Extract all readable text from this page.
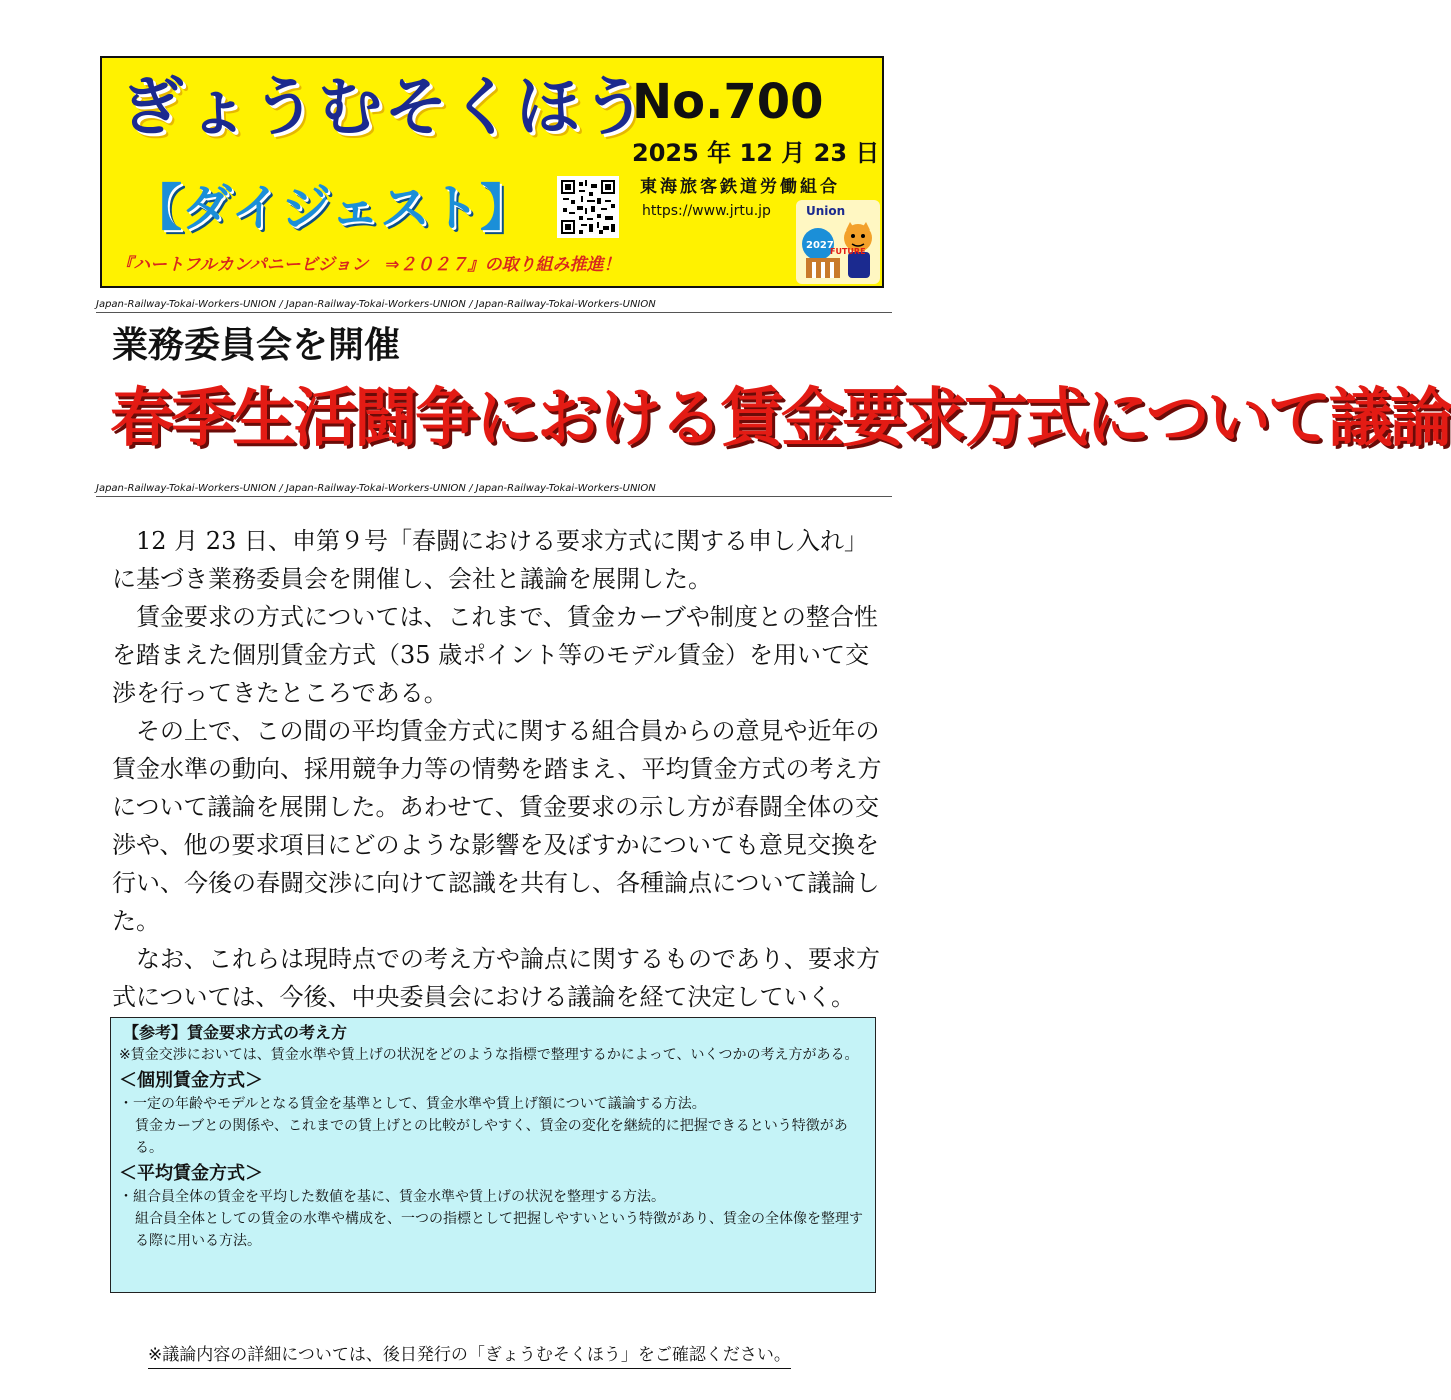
ぎょうむそくほう
【ダイジェスト】
No.700
2025 年 12 月 23 日
東海旅客鉄道労働組合
https://www.jrtu.jp	Union
2027
FUTURE
『ハートフルカンパニービジョン　⇒２０２７』の取り組み推進！
Japan-Railway-Tokai-Workers-UNION / Japan-Railway-Tokai-Workers-UNION / Japan-Railway-Tokai-Workers-UNION
業務委員会を開催
春季生活闘争における賃金要求方式について議論
Japan-Railway-Tokai-Workers-UNION / Japan-Railway-Tokai-Workers-UNION / Japan-Railway-Tokai-Workers-UNION

12 月 23 日、申第９号「春闘における要求方式に関する申し入れ」に基づき業務委員会を開催し、会社と議論を展開した。

賃金要求の方式については、これまで、賃金カーブや制度との整合性を踏まえた個別賃金方式（35 歳ポイント等のモデル賃金）を用いて交渉を行ってきたところである。

その上で、この間の平均賃金方式に関する組合員からの意見や近年の賃金水準の動向、採用競争力等の情勢を踏まえ、平均賃金方式の考え方について議論を展開した。あわせて、賃金要求の示し方が春闘全体の交渉や、他の要求項目にどのような影響を及ぼすかについても意見交換を行い、今後の春闘交渉に向けて認識を共有し、各種論点について議論した。

なお、これらは現時点での考え方や論点に関するものであり、要求方式については、今後、中央委員会における議論を経て決定していく。

【参考】賃金要求方式の考え方

※賃金交渉においては、賃金水準や賃上げの状況をどのような指標で整理するかによって、いくつかの考え方がある。

＜個別賃金方式＞
・一定の年齢やモデルとなる賃金を基準として、賃金水準や賃上げ額について議論する方法。
賃金カーブとの関係や、これまでの賃上げとの比較がしやすく、賃金の変化を継続的に把握できるという特徴がある。
＜平均賃金方式＞
・組合員全体の賃金を平均した数値を基に、賃金水準や賃上げの状況を整理する方法。
組合員全体としての賃金の水準や構成を、一つの指標として把握しやすいという特徴があり、賃金の全体像を整理する際に用いる方法。
※議論内容の詳細については、後日発行の「ぎょうむそくほう」をご確認ください。
